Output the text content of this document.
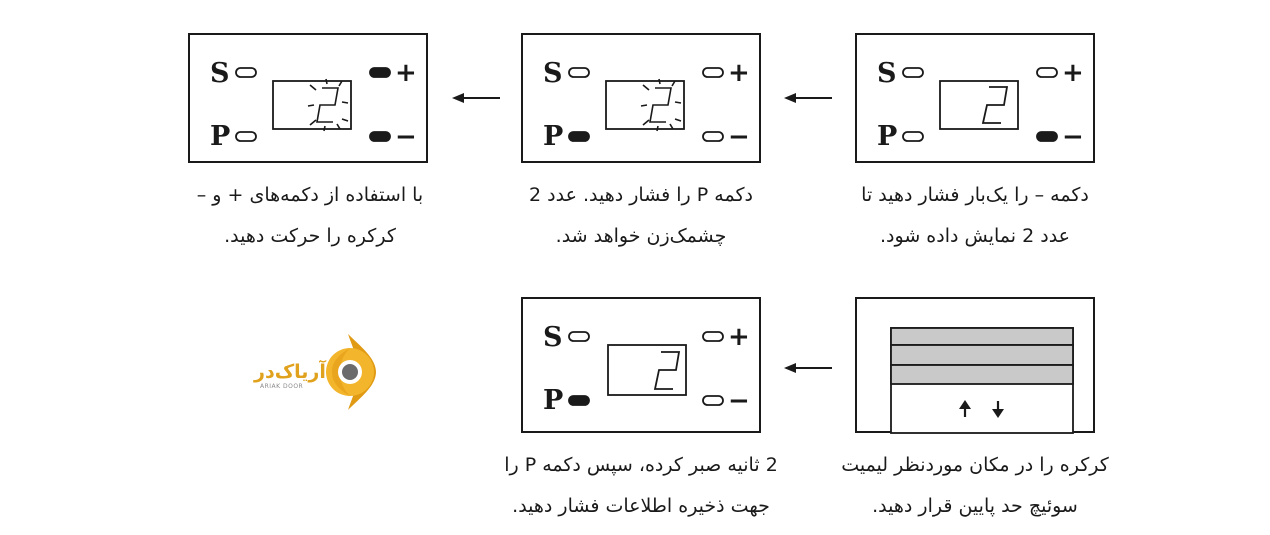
S
P
+
−
S
P
+
−
S
P
+
−
دکمه – را یک‌بار فشار دهید تا
عدد 2 نمایش داده شود.
دکمه P را فشار دهید. عدد 2
چشمک‌زن خواهد شد.
با استفاده از دکمه‌های + و –
کرکره را حرکت دهید.
S
P
+
−
کرکره را در مکان موردنظر لیمیت
سوئیچ حد پایین قرار دهید.
2 ثانیه صبر کرده، سپس دکمه P را
جهت ذخیره اطلاعات فشار دهید.
آریاک‌در
ARIAK DOOR
